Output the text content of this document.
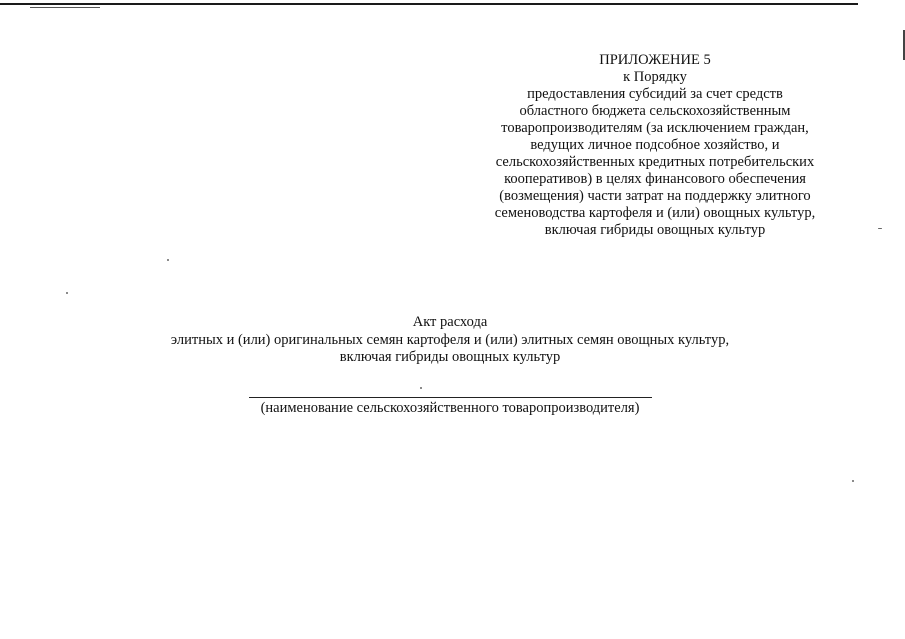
ПРИЛОЖЕНИЕ 5
к Порядку
предоставления субсидий за счет средств
областного бюджета сельскохозяйственным
товаропроизводителям (за исключением граждан,
ведущих личное подсобное хозяйство, и
сельскохозяйственных кредитных потребительских
кооперативов) в целях финансового обеспечения
(возмещения) части затрат на поддержку элитного
семеноводства картофеля и (или) овощных культур,
включая гибриды овощных культур
Акт расхода
элитных и (или) оригинальных семян картофеля и (или) элитных семян овощных культур,
включая гибриды овощных культур
(наименование сельскохозяйственного товаропроизводителя)
